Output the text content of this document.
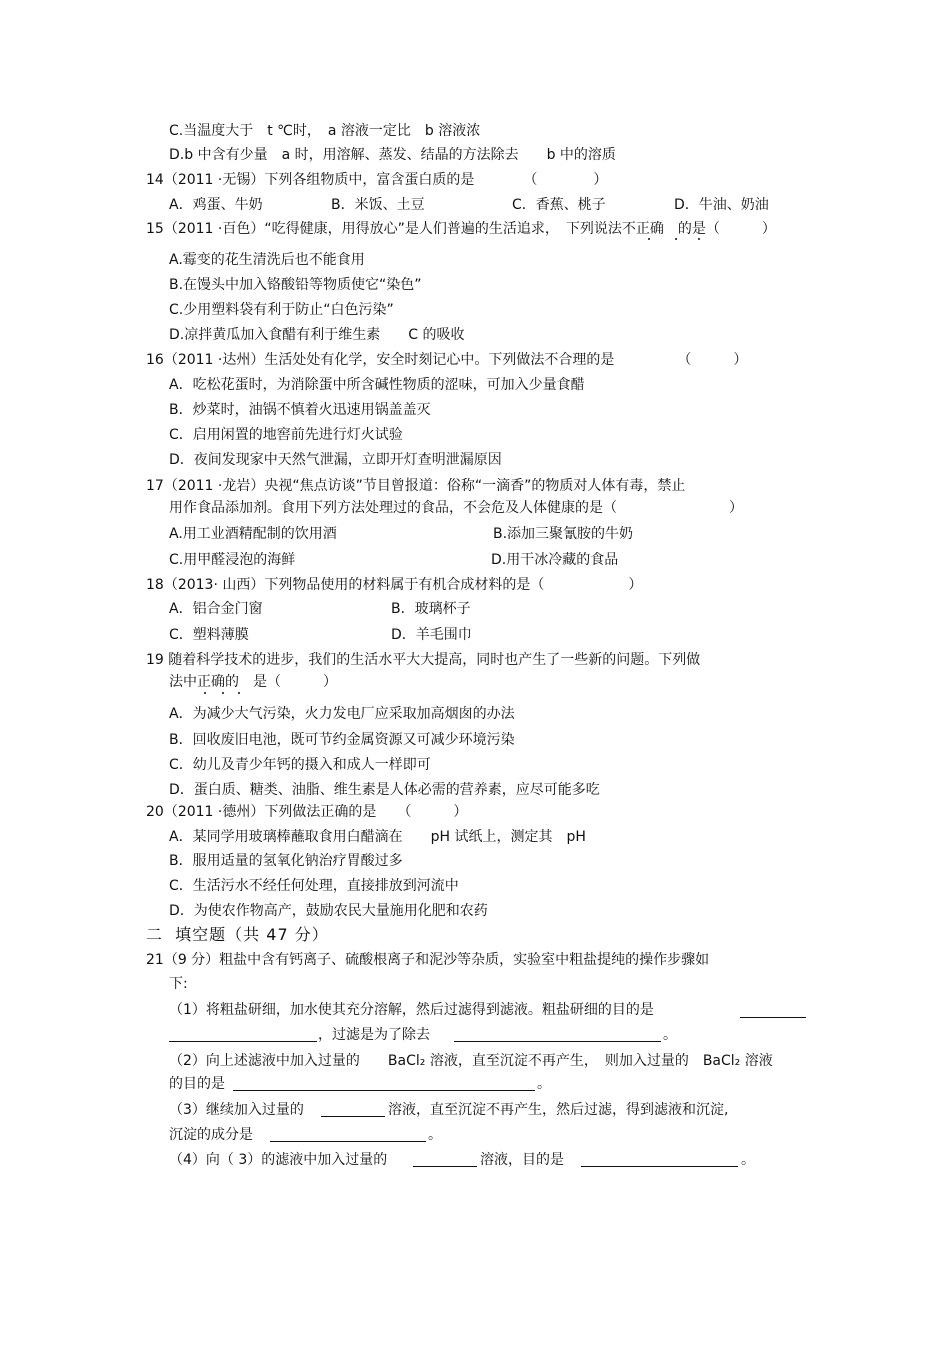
C.当温度大于　t ℃时，　a 溶液一定比　b 溶液浓
D.b 中含有少量　a 时，用溶解、蒸发、结晶的方法除去　　b 中的溶质
14（2011 ·无锡）下列各组物质中，富含蛋白质的是　　　　（　　　　）
A．鸡蛋、牛奶	B．米饭、土豆	C．香蕉、桃子	D．牛油、奶油
15（2011 ·百色）“吃得健康，用得放心”是人们普遍的生活追求，　下列说法不正确　的是（　　　）
A.霉变的花生清洗后也不能食用
B.在馒头中加入铬酸铅等物质使它“染色”
C.少用塑料袋有利于防止“白色污染”
D.凉拌黄瓜加入食醋有利于维生素　　C 的吸收
16（2011 ·达州）生活处处有化学，安全时刻记心中。下列做法不合理的是　　　　　（　　　）
A．吃松花蛋时，为消除蛋中所含碱性物质的涩味，可加入少量食醋
B．炒菜时，油锅不慎着火迅速用锅盖盖灭
C．启用闲置的地窖前先进行灯火试验
D．夜间发现家中天然气泄漏，立即开灯查明泄漏原因
17（2011 ·龙岩）央视“焦点访谈”节目曾报道：俗称“一滴香”的物质对人体有毒，禁止
用作食品添加剂。食用下列方法处理过的食品，不会危及人体健康的是（　　　　　　　　）
A.用工业酒精配制的饮用酒	B.添加三聚氰胺的牛奶
C.用甲醛浸泡的海鲜	D.用干冰冷藏的食品
18（2013· 山西）下列物品使用的材料属于有机合成材料的是（　　　　　　）
A．铝合金门窗	B．玻璃杯子
C．塑料薄膜	D．羊毛围巾
19 随着科学技术的进步，我们的生活水平大大提高，同时也产生了一些新的问题。下列做
法中正确的　是（　　　）
A．为减少大气污染，火力发电厂应采取加高烟囱的办法
B．回收废旧电池，既可节约金属资源又可减少环境污染
C．幼儿及青少年钙的摄入和成人一样即可
D．蛋白质、糖类、油脂、维生素是人体必需的营养素，应尽可能多吃
20（2011 ·德州）下列做法正确的是　　（　　　）
A．某同学用玻璃棒蘸取食用白醋滴在　　pH 试纸上，测定其　pH
B．服用适量的氢氧化钠治疗胃酸过多
C．生活污水不经任何处理，直接排放到河流中
D．为使农作物高产，鼓励农民大量施用化肥和农药
二  填空题（共 47 分）
21（9 分）粗盐中含有钙离子、硫酸根离子和泥沙等杂质，实验室中粗盐提纯的操作步骤如
下:
（1）将粗盐研细，加水使其充分溶解，然后过滤得到滤液。粗盐研细的目的是
，过滤是为了除去	。
（2）向上述滤液中加入过量的　　BaCl₂ 溶液，直至沉淀不再产生，　则加入过量的　BaCl₂ 溶液
的目的是	。
（3）继续加入过量的	溶液，直至沉淀不再产生，然后过滤，得到滤液和沉淀,
沉淀的成分是	。
（4）向（ 3）的滤液中加入过量的	溶液，目的是	。
